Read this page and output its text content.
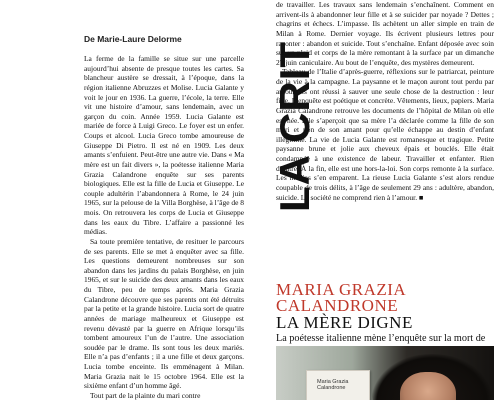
LA CRIT
De Marie-Laure Delorme

La ferme de la famille se situe sur une parcelle aujourd’hui absente de presque toutes les cartes. Sa blancheur austère se dressait, à l’époque, dans la région italienne Abruzzes et Molise. Lucia Galante y voit le jour en 1936. La guerre, l’école, la terre. Elle vit une histoire d’amour, sans lendemain, avec un garçon du coin. Année 1959. Lucia Galante est mariée de force à Luigi Greco. Le foyer est un enfer. Coups et alcool. Lucia Greco tombe amoureuse de Giuseppe Di Pietro. Il est né en 1909. Les deux amants s’enfuient. Peut-être une autre vie. Dans « Ma mère est un fait divers », la poétesse italienne Maria Grazia Calandrone enquête sur ses parents biologiques. Elle est la fille de Lucia et Giuseppe. Le couple adultérin l’abandonnera à Rome, le 24 juin 1965, sur la pelouse de la Villa Borghèse, à l’âge de 8 mois. On retrouvera les corps de Lucia et Giuseppe dans les eaux du Tibre. L’affaire a passionné les médias.

Sa toute première tentative, de resituer le parcours de ses parents. Elle se met à enquêter avec sa fille. Les questions demeurent nombreuses sur son abandon dans les jardins du palais Borghèse, en juin 1965, et sur le suicide des deux amants dans les eaux du Tibre, peu de temps après. Maria Grazia Calandrone découvre que ses parents ont été détruits par la petite et la grande histoire. Lucia sort de quatre années de mariage malheureux et Giuseppe est revenu dévasté par la guerre en Afrique lorsqu’ils tombent amoureux l’un de l’autre. Une association soudée par le drame. Ils sont tous les deux mariés. Elle n’a pas d’enfants ; il a une fille et deux garçons. Lucia tombe enceinte. Ils emménagent à Milan. Maria Grazia nait le 15 octobre 1964. Elle est la sixième enfant d’un homme âgé.

Tout part de la plainte du mari contre

de travailler. Les travaux sans lendemain s’enchaînent. Comment en arrivent-ils à abandonner leur fille et à se suicider par noyade ? Dettes ; chagrins et échecs. L’impasse. Ils achètent un aller simple en train de Milan à Rome. Dernier voyage. Ils écrivent plusieurs lettres pour raconter : abandon et suicide. Tout s’enchaîne. Enfant déposée avec soin sur un plaid et corps de la mère remontant à la surface par un dimanche 27 juin caniculaire. Au bout de l’enquête, des mystères demeurent.

Tableau de l’Italie d’après-guerre, réflexions sur le patriarcat, peinture de la vie à la campagne. La paysanne et le maçon auront tout perdu par amour. Ils ont réussi à sauver une seule chose de la destruction : leur fille. L’enquête est poétique et concrète. Vêtements, lieux, papiers. Maria Grazia Calandrone retrouve les documents de l’hôpital de Milan où elle est née. Elle s’aperçoit que sa mère l’a déclarée comme la fille de son mari et non de son amant pour qu’elle échappe au destin d’enfant illégitime. La vie de Lucia Galante est romanesque et tragique. Petite paysanne brune et jolie aux cheveux épais et bouclés. Elle était condamnée à une existence de labeur. Travailler et enfanter. Rien d’autre. À la fin, elle est une hors-la-loi. Son corps remonte à la surface. Les médias s’en emparent. La rieuse Lucia Galante s’est alors rendue coupable de trois délits, à l’âge de seulement 29 ans : adultère, abandon, suicide. La société ne comprend rien à l’amour. ■

MARIA GRAZIA CALANDRONE

LA MÈRE DIGNE

La poétesse italienne mène l’enquête sur la mort de

Maria Grazia Calandrone
